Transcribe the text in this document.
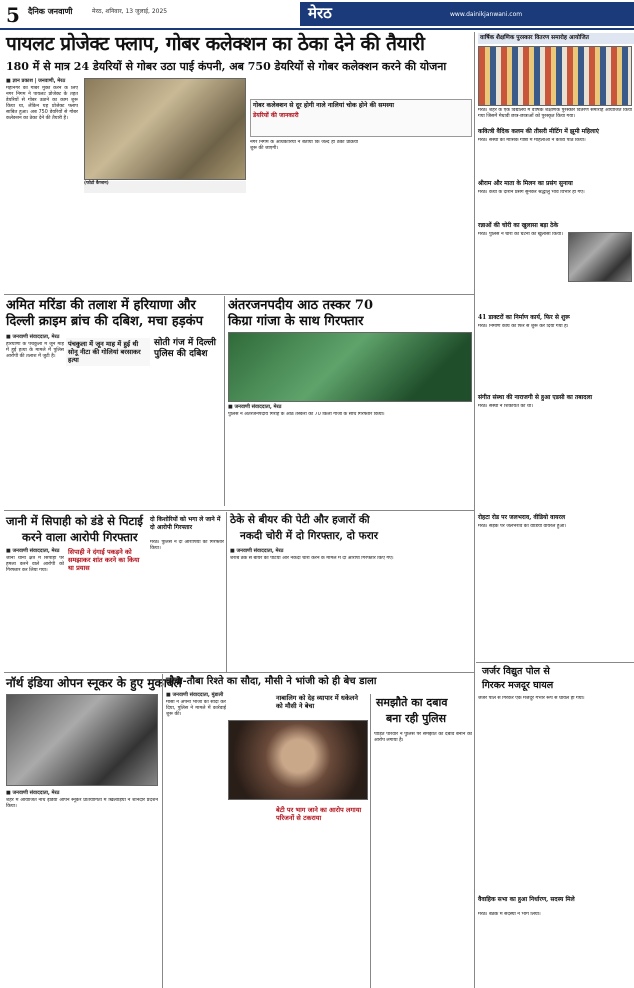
5 दैनिक जनवाणी	मेरठ, शनिवार, 13 जुलाई, 2025	मेरठ	www.dainikjanwani.com
पायलट प्रोजेक्ट फ्लाप, गोबर कलेक्शन का ठेका देने की तैयारी
180 में से मात्र 24 डेयरियों से गोबर उठा पाई कंपनी, अब 750 डेयरियों से गोबर कलेक्शन करने की योजना
■ ज्ञान प्रकाश | जनवाणी, मेरठ
महानगर को गोबर मुक्त करने के लिए नगर निगम ने पायलट प्रोजेक्ट के तहत डेयरियों से गोबर उठाने का काम शुरू किया था, लेकिन यह प्रोजेक्ट फ्लाप साबित हुआ। अब 750 डेयरियों से गोबर कलेक्शन का ठेका देने की तैयारी है।
(फोटो कैप्शन)
गोबर कलेक्शन से दूर होगी नाले नालियां चोक होने की समस्या
डेयरियों की जानकारी
नगर निगम के अधिकारियों ने बताया कि जल्द ही ठेका प्रक्रिया शुरू की जाएगी।
वार्षिक शैक्षणिक पुरस्कार वितरण समारोह आयोजित
मेरठ। शहर के एक विद्यालय में वार्षिक शैक्षणिक पुरस्कार वितरण समारोह आयोजित किया गया जिसमें मेधावी छात्र-छात्राओं को पुरस्कृत किया गया।
कवित्त्री वैदिक कलम की तीसरी मीटिंग में झूमी महिलाएं
मेरठ। संस्था की मासिक गोष्ठी में महिलाओं ने काव्य पाठ किया।
श्रीराम और माता के मिलन का प्रसंग सुनाया
मेरठ। कथा के दौरान प्रसंग सुनकर श्रद्धालु भाव विभोर हो गए।
रन्नाओं की चोरी का खुलासा बड़ा ठेके
मेरठ। पुलिस ने चोरी की घटना का खुलासा किया।
41 डाक्टरों का निर्माण कार्य, फिर से शुरू
मेरठ। निर्माण कार्य को फिर से शुरू कर दिया गया है।
संगीत संस्था की नाराजगी से हुआ एडसी का तबादला
मेरठ। संस्था ने शिकायत की थी।
रोहटा रोड पर जलभराव, वीडियो वायरल
मेरठ। सड़क पर जलभराव का वीडियो वायरल हुआ।
अमित मरिंडा की तलाश में हरियाणा और
दिल्ली क्राइम ब्रांच की दबिश, मचा हड़कंप
■ जनवाणी संवाददाता, मेरठ
हरियाणा के पंचकुला में जून माह में हुई हत्या के मामले में पुलिस आरोपी की तलाश में जुटी है।
पंचकुला में जून माह में हुई थी सोनू नीटा की गोलियां बरसाकर हत्या
सोती गंज में दिल्ली पुलिस की दबिश
अंतरजनपदीय आठ तस्कर 70
किग्रा गांजा के साथ गिरफ्तार
■ जनवाणी संवाददाता, मेरठ
पुलिस ने अंतरजनपदीय गिरोह के आठ तस्करों को 70 किलो गांजा के साथ गिरफ्तार किया।
जानी में सिपाही को डंडे से पिटाई
करने वाला आरोपी गिरफ्तार
■ जनवाणी संवाददाता, मेरठ
जानी थाना क्षेत्र में सिपाही पर हमला करने वाले आरोपी को गिरफ्तार कर लिया गया।
सिपाही ने दंगाई पकड़ने को समझाकर शांत करने का किया था प्रयास
दो किशोरियों को भगा ले जाने में दो आरोपी गिरफ्तार
मेरठ। पुलिस ने दो आरोपियों को गिरफ्तार किया।
ठेके से बीयर की पेटी और हजारों की
नकदी चोरी में दो गिरफ्तार, दो फरार
■ जनवाणी संवाददाता, मेरठ
शराब ठेके से बीयर की पेटियां और नकदी चोरी करने के मामले में दो आरोपी गिरफ्तार किए गए।
नॉर्थ इंडिया ओपन स्नूकर के हुए मुकाबले
■ जनवाणी संवाददाता, मेरठ
शहर में आयोजित नॉर्थ इंडिया ओपन स्नूकर प्रतियोगिता में खिलाड़ियों ने शानदार प्रदर्शन किया।
तौबा-तौबा रिश्ते का सौदा, मौसी ने भांजी को ही बेच डाला
■ जनवाणी संवाददाता, मुंडाली
मौसी ने अपनी भांजी का सौदा कर दिया, पुलिस ने मामले में कार्रवाई शुरू की।
नाबालिग को देह व्यापार में धकेलने को मौसी ने बेचा
बेटी पर भाग जाने का आरोप लगाया परिजनों से टकराया
समझौते का दबाव
बना रही पुलिस
पीड़ित परिवार ने पुलिस पर समझौते का दबाव बनाने का आरोप लगाया है।
जर्जर विद्युत पोल से
गिरकर मजदूर घायल
जर्जर पोल से गिरकर एक मजदूर गंभीर रूप से घायल हो गया।
वैवाहिक सभा का हुआ निर्धारण, सदस्य मिले
मेरठ। बैठक में सदस्यों ने भाग लिया।
